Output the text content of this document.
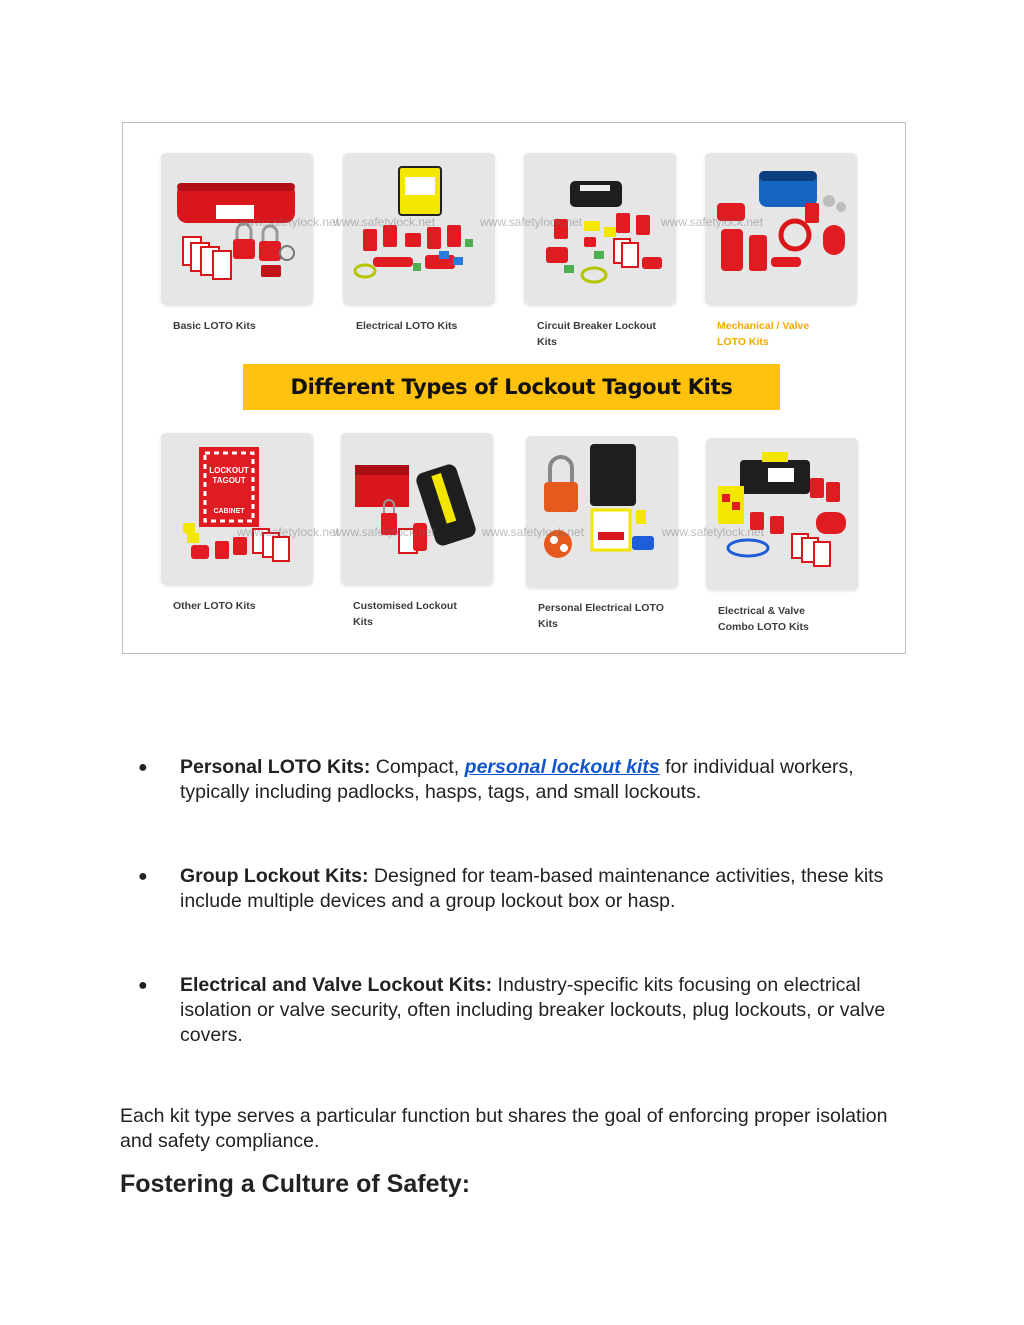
www.safetylock.net
www.safetylock.net	www.safetylock.net	www.safetylock.net
Basic LOTO Kits	Electrical LOTO Kits	Circuit Breaker Lockout Kits
Mechanical / Valve LOTO Kits
Different Types of Lockout Tagout Kits
LOCKOUT
TAGOUT
CABINET
www.safetylock.net
www.safetylock.net	www.safetylock.net	www.safetylock.net
Other LOTO Kits	Customised Lockout Kits
Personal Electrical LOTO Kits
Electrical & Valve Combo LOTO Kits
● Personal LOTO Kits: Compact, personal lockout kits for individual workers, typically including padlocks, hasps, tags, and small lockouts.
● Group Lockout Kits: Designed for team-based maintenance activities, these kits include multiple devices and a group lockout box or hasp.
● Electrical and Valve Lockout Kits: Industry-specific kits focusing on electrical isolation or valve security, often including breaker lockouts, plug lockouts, or valve covers.

Each kit type serves a particular function but shares the goal of enforcing proper isolation and safety compliance.

Fostering a Culture of Safety:
